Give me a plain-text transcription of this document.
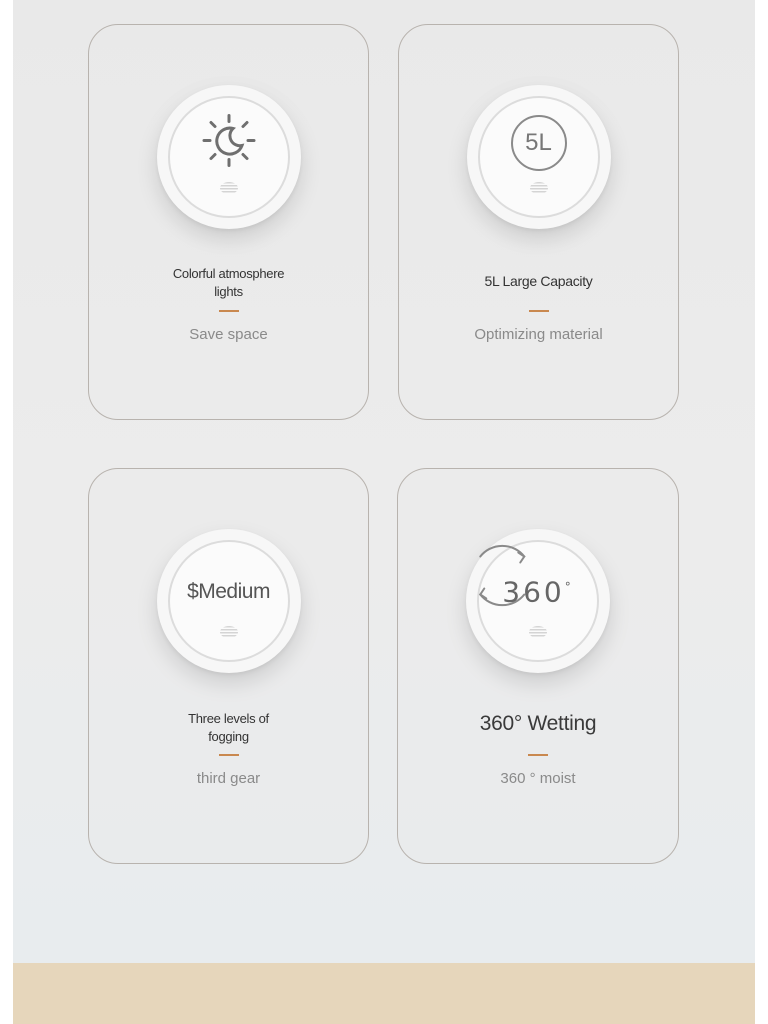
Colorful atmosphere lights
Save space
5L
5L Large Capacity
Optimizing material
$Medium
Three levels of fogging
third gear
360°
360° Wetting
360 ° moist
